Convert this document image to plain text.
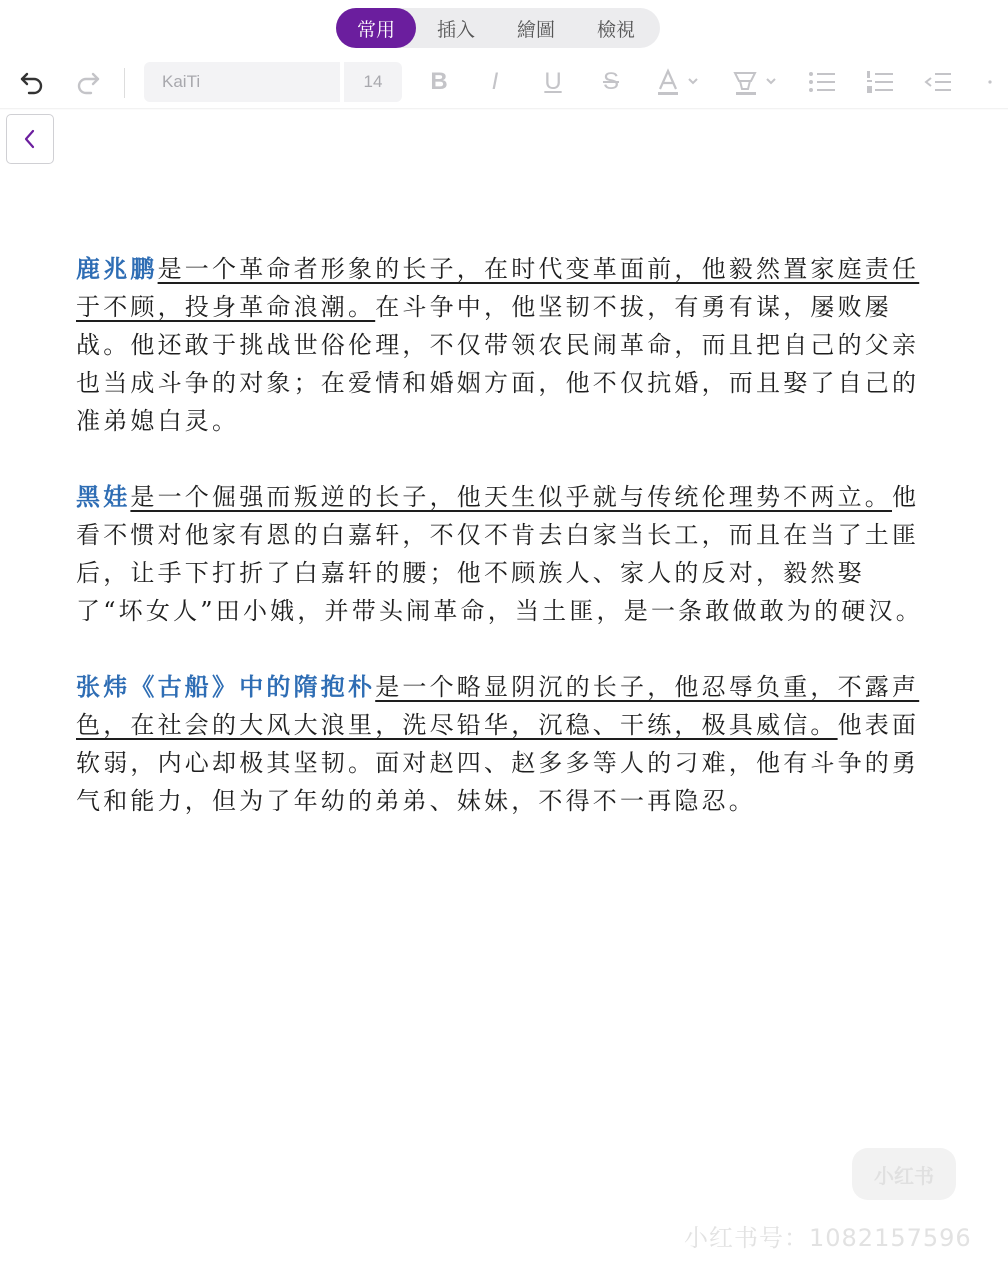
常用	插入	繪圖	檢視
KaiTi	14	B	I	U S

鹿兆鹏是一个革命者形象的长子，在时代变革面前，他毅然置家庭责任于不顾，投身革命浪潮。在斗争中，他坚韧不拔，有勇有谋，屡败屡战。他还敢于挑战世俗伦理，不仅带领农民闹革命，而且把自己的父亲也当成斗争的对象；在爱情和婚姻方面，他不仅抗婚，而且娶了自己的准弟媳白灵。

黑娃是一个倔强而叛逆的长子，他天生似乎就与传统伦理势不两立。他看不惯对他家有恩的白嘉轩，不仅不肯去白家当长工，而且在当了土匪后，让手下打折了白嘉轩的腰；他不顾族人、家人的反对，毅然娶了“坏女人”田小娥，并带头闹革命，当土匪，是一条敢做敢为的硬汉。

张炜《古船》中的隋抱朴是一个略显阴沉的长子，他忍辱负重，不露声色，在社会的大风大浪里，洗尽铅华，沉稳、干练，极具威信。他表面软弱，内心却极其坚韧。面对赵四、赵多多等人的刁难，他有斗争的勇气和能力，但为了年幼的弟弟、妹妹，不得不一再隐忍。

小红书
小红书号：1082157596
